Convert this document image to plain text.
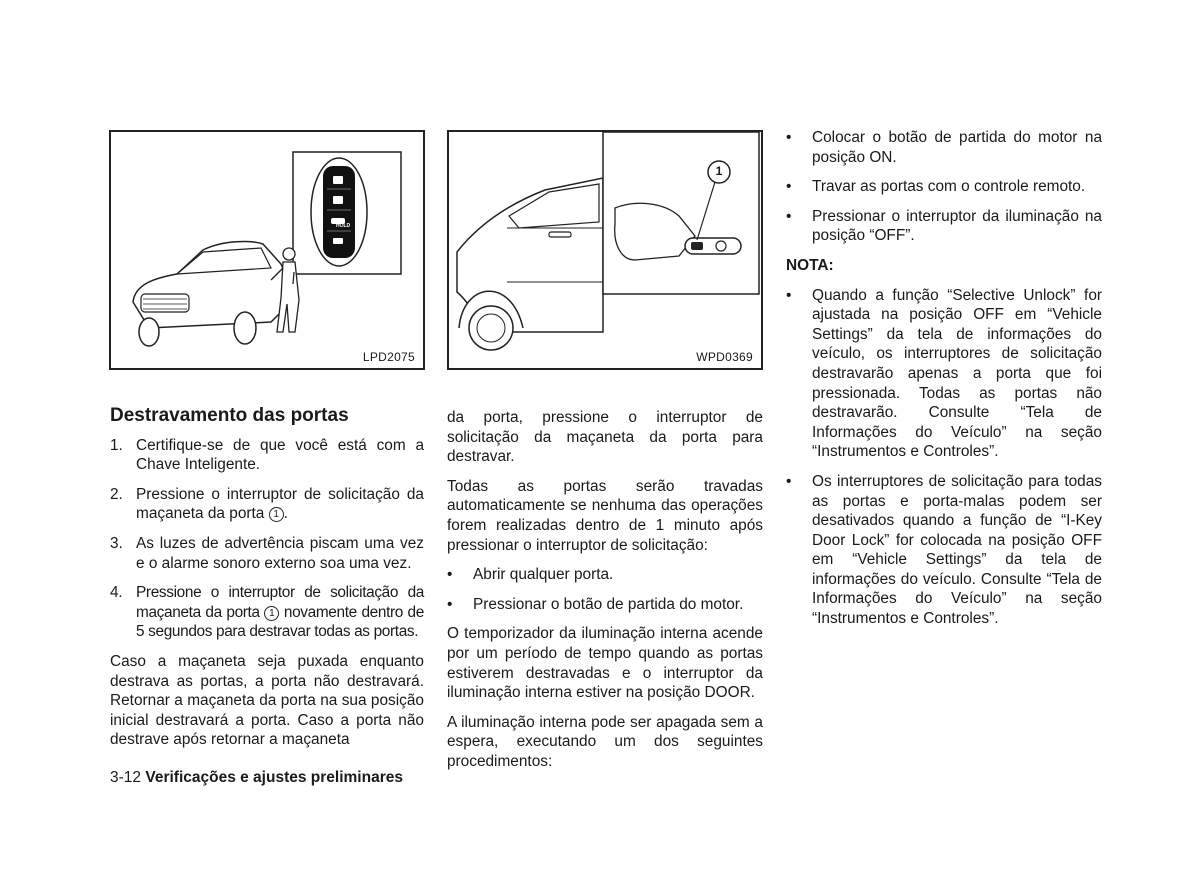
HOLD
LPD2075
1
WPD0369
Destravamento das portas
1. Certifique-se de que você está com a Chave Inteligente.
2. Pressione o interruptor de solicitação da maçaneta da porta 1 .
3. As luzes de advertência piscam uma vez e o alarme sonoro externo soa uma vez.
4. Pressione o interruptor de solicitação da maçaneta da porta 1 novamente dentro de 5 segundos para destravar todas as portas.

Caso a maçaneta seja puxada enquanto destrava as portas, a porta não destravará. Retornar a maçaneta da porta na sua posição inicial destravará a porta. Caso a porta não destrave após retornar a maçaneta

da porta, pressione o interruptor de solicitação da maçaneta da porta para destravar.

Todas as portas serão travadas automaticamente se nenhuma das operações forem realizadas dentro de 1 minuto após pressionar o interruptor de solicitação:

•	Abrir qualquer porta.
•	Pressionar o botão de partida do motor.

O temporizador da iluminação interna acende por um período de tempo quando as portas estiverem destravadas e o interruptor da iluminação interna estiver na posição DOOR.

A iluminação interna pode ser apagada sem a espera, executando um dos seguintes procedimentos:

•	Colocar o botão de partida do motor na posição ON.
•	Travar as portas com o controle remoto.
•	Pressionar o interruptor da iluminação na posição “OFF”.
NOTA:
•	Quando a função “Selective Unlock” for ajustada na posição OFF em “Vehicle Settings” da tela de informações do veículo, os interruptores de solicitação destravarão apenas a porta que foi pressionada. Todas as portas não destravarão. Consulte “Tela de Informações do Veículo” na seção “Instrumentos e Controles”.
•	Os interruptores de solicitação para todas as portas e porta-malas podem ser desativados quando a função de “I-Key Door Lock” for colocada na posição OFF em “Vehicle Settings” da tela de informações do veículo. Consulte “Tela de Informações do Veículo” na seção “Instrumentos e Controles”.
3-12 Verificações e ajustes preliminares
